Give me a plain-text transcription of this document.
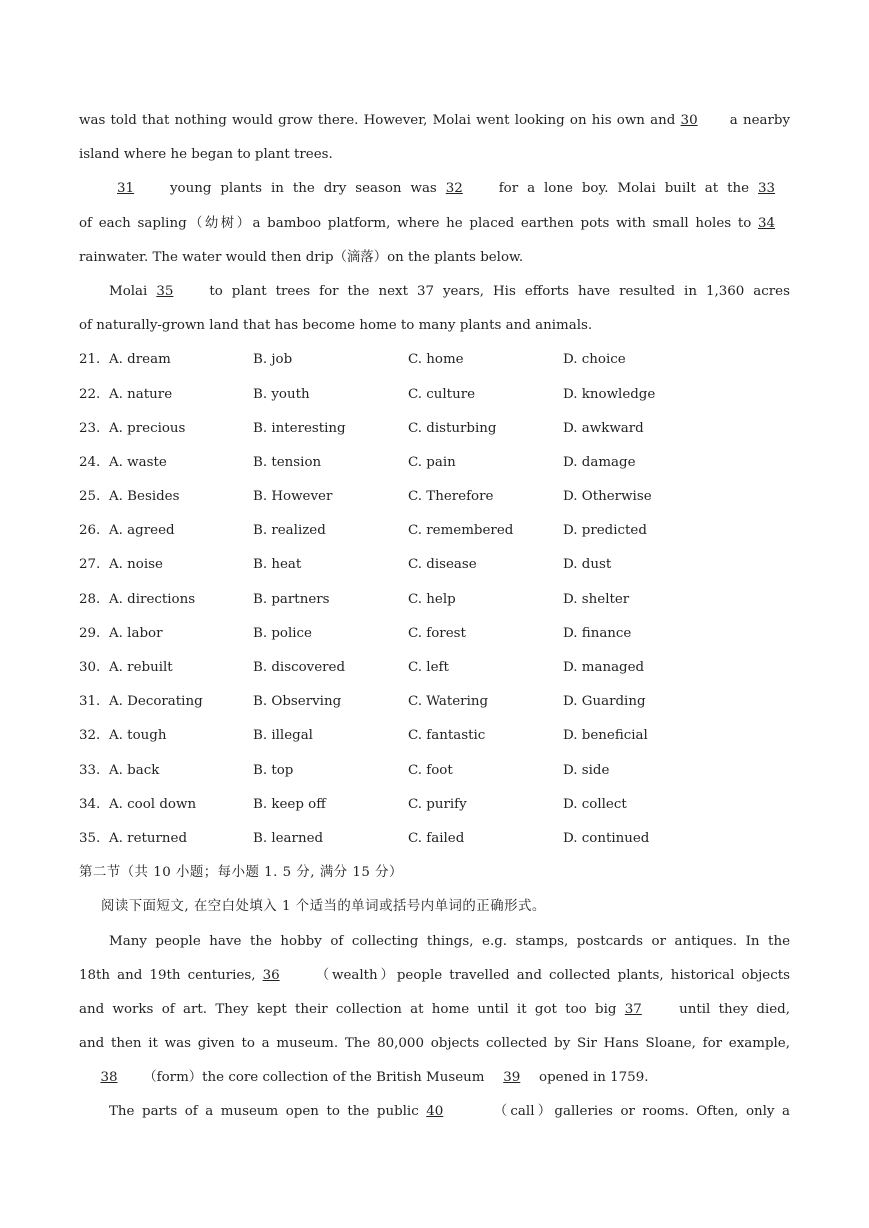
was told that nothing would grow there. However, Molai went looking on his own and 30 a nearby
island where he began to plant trees.
31	young plants in the dry season was 32	for a lone boy. Molai built at the 33
of each sapling（幼树）a bamboo platform, where he placed earthen pots with small holes to 34
rainwater. The water would then drip（滴落）on the plants below.
Molai 35	to plant trees for the next 37 years, His efforts have resulted in 1,360 acres
of naturally-grown land that has become home to many plants and animals.
21. A. dream	B. job	C. home	D. choice
22. A. nature	B. youth	C. culture	D. knowledge
23. A. precious	B. interesting	C. disturbing	D. awkward
24. A. waste	B. tension	C. pain	D. damage
25. A. Besides	B. However	C. Therefore	D. Otherwise
26. A. agreed	B. realized	C. remembered	D. predicted
27. A. noise	B. heat	C. disease	D. dust
28. A. directions	B. partners	C. help	D. shelter
29. A. labor	B. police	C. forest	D. finance
30. A. rebuilt	B. discovered	C. left	D. managed
31. A. Decorating	B. Observing	C. Watering	D. Guarding
32. A. tough	B. illegal	C. fantastic	D. beneficial
33. A. back	B. top	C. foot	D. side
34. A. cool down	B. keep off	C. purify	D. collect
35. A. returned	B. learned	C. failed	D. continued
第二节（共 10 小题；每小题 1. 5 分, 满分 15 分）
阅读下面短文, 在空白处填入 1 个适当的单词或括号内单词的正确形式。
Many people have the hobby of collecting things, e.g. stamps, postcards or antiques. In the
18th and 19th centuries, 36	（wealth）people travelled and collected plants, historical objects
and works of art. They kept their collection at home until it got too big 37	until they died,
and then it was given to a museum. The 80,000 objects collected by Sir Hans Sloane, for example,
38 （form）the core collection of the British Museum 39 opened in 1759.
The parts of a museum open to the public 40	（call）galleries or rooms. Often, only a
